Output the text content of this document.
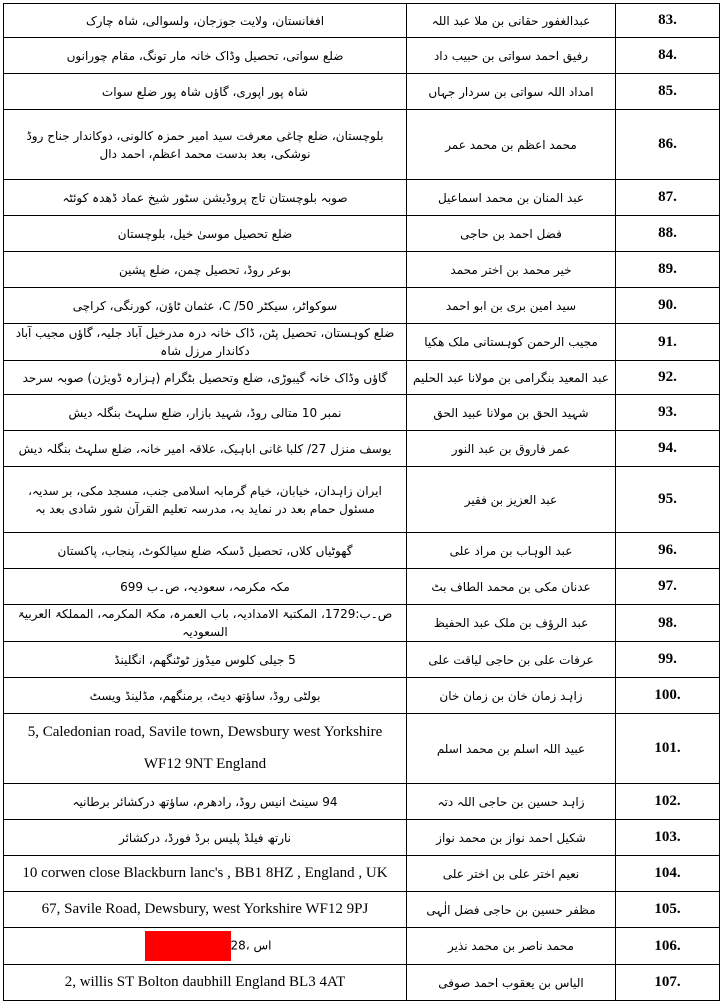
افغانستان، ولایت جوزجان، ولسوالی، شاہ چارک	عبدالغفور حقانی بن ملا عبد اللہ	83.
ضلع سواتی، تحصیل وڈاک خانہ مار تونگ، مقام چورانوں	رفیق احمد سواتی بن حبیب داد	84.
شاہ پور اپوری، گاؤں شاہ پور ضلع سوات	امداد اللہ سواتی بن سردار جہاں	85.
بلوچستان، ضلع چاغی معرفت سید امیر حمزہ کالونی، دوکاندار جناح روڈ نوشکی، بعد بدست محمد اعظم، احمد دال	محمد اعظم بن محمد عمر	86.
صوبہ بلوچستان تاج پروڈیشن سٹور شیخ عماد ڈھدہ کوئٹہ	عبد المنان بن محمد اسماعیل	87.
ضلع تحصیل موسیٰ خیل، بلوچستان	فضل احمد بن حاجی	88.
بوعر روڈ، تحصیل چمن، ضلع پشین	خیر محمد بن اختر محمد	89.
سوکواٹر، سیکٹر C /50، عثمان ٹاؤن، کورنگی، کراچی	سید امین بری بن ابو احمد	90.
ضلع کوہستان، تحصیل پٹن، ڈاک خانہ درہ مدرخیل آباد جلیہ، گاؤں مجیب آباد دکاندار مرزل شاہ	مجیب الرحمن کوہستانی ملک ھکیا	91.
گاؤں وڈاک خانہ گیبوڑی، ضلع وتحصیل بٹگرام (ہزارہ ڈویژن) صوبہ سرحد	عبد المعید بنگرامی بن مولانا عبد الحلیم	92.
نمبر 10 متالی روڈ، شہید بازار، ضلع سلہٹ بنگلہ دیش	شہید الحق بن مولانا عبید الحق	93.
یوسف منزل 27/ کلبا غانی اباہیک، علاقہ امیر خانہ، ضلع سلہٹ بنگلہ دیش	عمر فاروق بن عبد النور	94.
ایران زاہدان، خیابان، خیام گرمابہ اسلامی جنب، مسجد مکی، بر سدیہ، مسئول حمام بعد در نماید بہ، مدرسہ تعلیم القرآن شور شادی بعد بہ	عبد العزیز بن فقیر	95.
گھوٹیاں کلاں، تحصیل ڈسکہ ضلع سیالکوٹ، پنجاب، پاکستان	عبد الوہاب بن مراد علی	96.
مکہ مکرمہ، سعودیہ، ص۔ب 699	عدنان مکی بن محمد الطاف بٹ	97.
ص۔ب:1729، المکتبۃ الامدادیہ، باب العمرہ، مکۃ المکرمہ، المملکۃ العربیۃ السعودیہ	عبد الرؤف بن ملک عبد الحفیظ	98.
5 جیلی کلوس میڈوز ٹوٹنگھم، انگلینڈ	عرفات علی بن حاجی لیاقت علی	99.
بولٹی روڈ، ساؤتھ دیٹ، برمنگھم، مڈلینڈ ویسٹ	زاہد زمان خان بن زمان خان	100.
5, Caledonian road, Savile town, Dewsbury west Yorkshire WF12 9NT England	عبید اللہ اسلم بن محمد اسلم	101.
94 سینٹ انیس روڈ، رادھرم، ساؤتھ درکشائر برطانیہ	زاہد حسین بن حاجی اللہ دتہ	102.
نارتھ فیلڈ پلیس برڈ فورڈ، درکشائر	شکیل احمد نواز بن محمد نواز	103.
10 corwen close Blackburn lanc's , BB1 8HZ , England , UK	نعیم اختر علی بن اختر علی	104.
67, Savile Road, Dewsbury, west Yorkshire WF12 9PJ	مظفر حسین بن حاجی فضل الٰہی	105.
28، اس	محمد ناصر بن محمد نذیر	106.
2, willis ST Bolton daubhill England BL3 4AT	الیاس بن یعقوب احمد صوفی	107.
